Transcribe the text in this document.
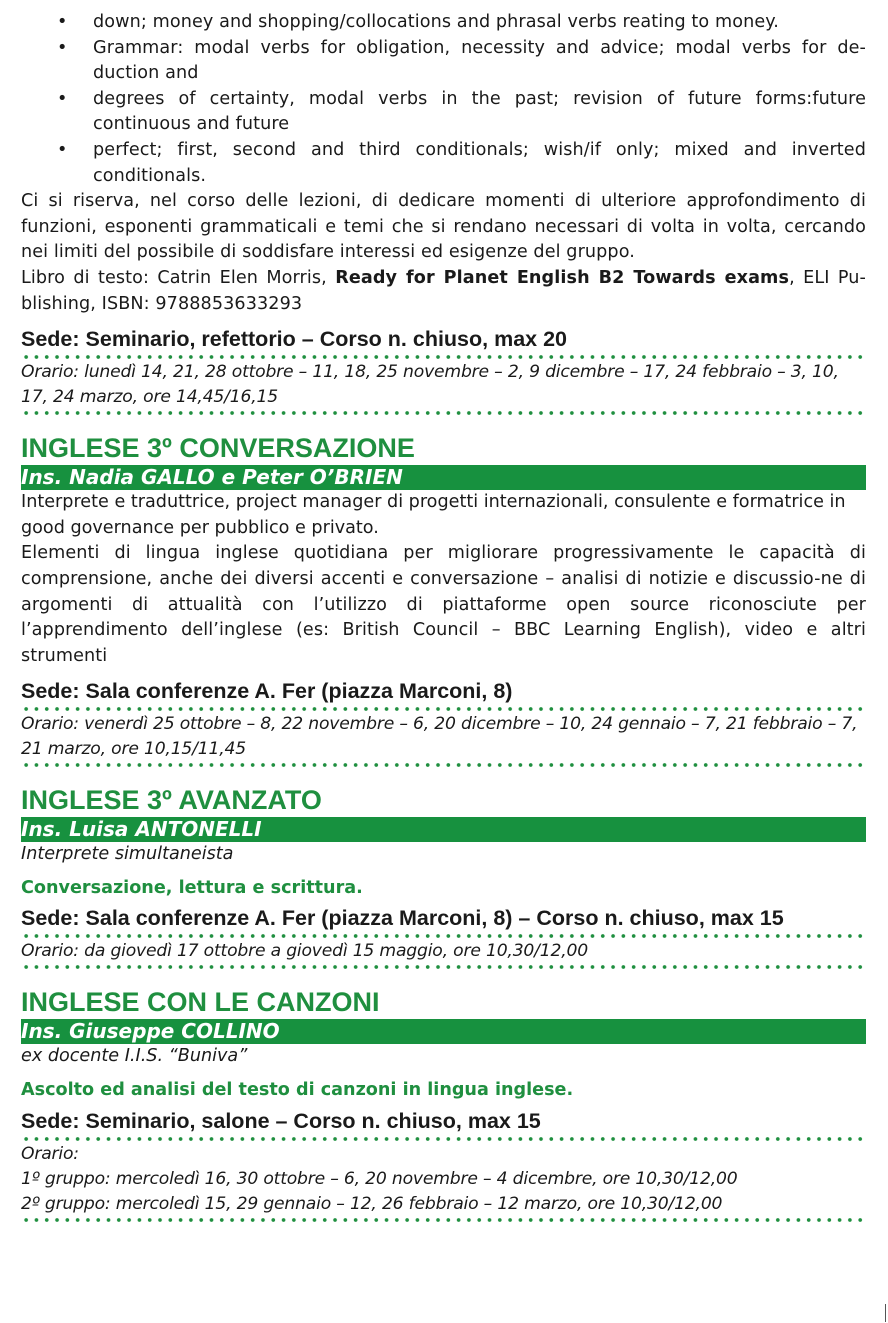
• down; money and shopping/collocations and phrasal verbs reating to money.
• Grammar: modal verbs for obligation, necessity and advice; modal verbs for de-duction and
• degrees of certainty, modal verbs in the past; revision of future forms:future continuous and future
• perfect; first, second and third conditionals; wish/if only; mixed and inverted conditionals.

Ci si riserva, nel corso delle lezioni, di dedicare momenti di ulteriore approfondimento di funzioni, esponenti grammaticali e temi che si rendano necessari di volta in volta, cercando nei limiti del possibile di soddisfare interessi ed esigenze del gruppo.

Libro di testo: Catrin Elen Morris, Ready for Planet English B2 Towards exams, ELI Pu-blishing, ISBN: 9788853633293

Sede: Seminario, refettorio – Corso n. chiuso, max 20
Orario: lunedì 14, 21, 28 ottobre – 11, 18, 25 novembre – 2, 9 dicembre – 17, 24 febbraio – 3, 10, 17, 24 marzo, ore 14,45/16,15
INGLESE 3º CONVERSAZIONE
Ins. Nadia GALLO e Peter O’BRIEN
Interprete e traduttrice, project manager di progetti internazionali, consulente e formatrice in good governance per pubblico e privato.
Elementi di lingua inglese quotidiana per migliorare progressivamente le capacità di comprensione, anche dei diversi accenti e conversazione – analisi di notizie e discussio-ne di argomenti di attualità con l’utilizzo di piattaforme open source riconosciute per l’apprendimento dell’inglese (es: British Council – BBC Learning English), video e altri strumenti
Sede: Sala conferenze A. Fer (piazza Marconi, 8)
Orario: venerdì 25 ottobre – 8, 22 novembre – 6, 20 dicembre – 10, 24 gennaio – 7, 21 febbraio – 7, 21 marzo, ore 10,15/11,45
INGLESE 3º AVANZATO
Ins. Luisa ANTONELLI
Interprete simultaneista
Conversazione, lettura e scrittura.
Sede: Sala conferenze A. Fer (piazza Marconi, 8) – Corso n. chiuso, max 15
Orario: da giovedì 17 ottobre a giovedì 15 maggio, ore 10,30/12,00
INGLESE CON LE CANZONI
Ins. Giuseppe COLLINO
ex docente I.I.S. “Buniva”
Ascolto ed analisi del testo di canzoni in lingua inglese.
Sede: Seminario, salone – Corso n. chiuso, max 15
Orario:
1º gruppo: mercoledì 16, 30 ottobre – 6, 20 novembre – 4 dicembre, ore 10,30/12,00
2º gruppo: mercoledì 15, 29 gennaio – 12, 26 febbraio – 12 marzo, ore 10,30/12,00
